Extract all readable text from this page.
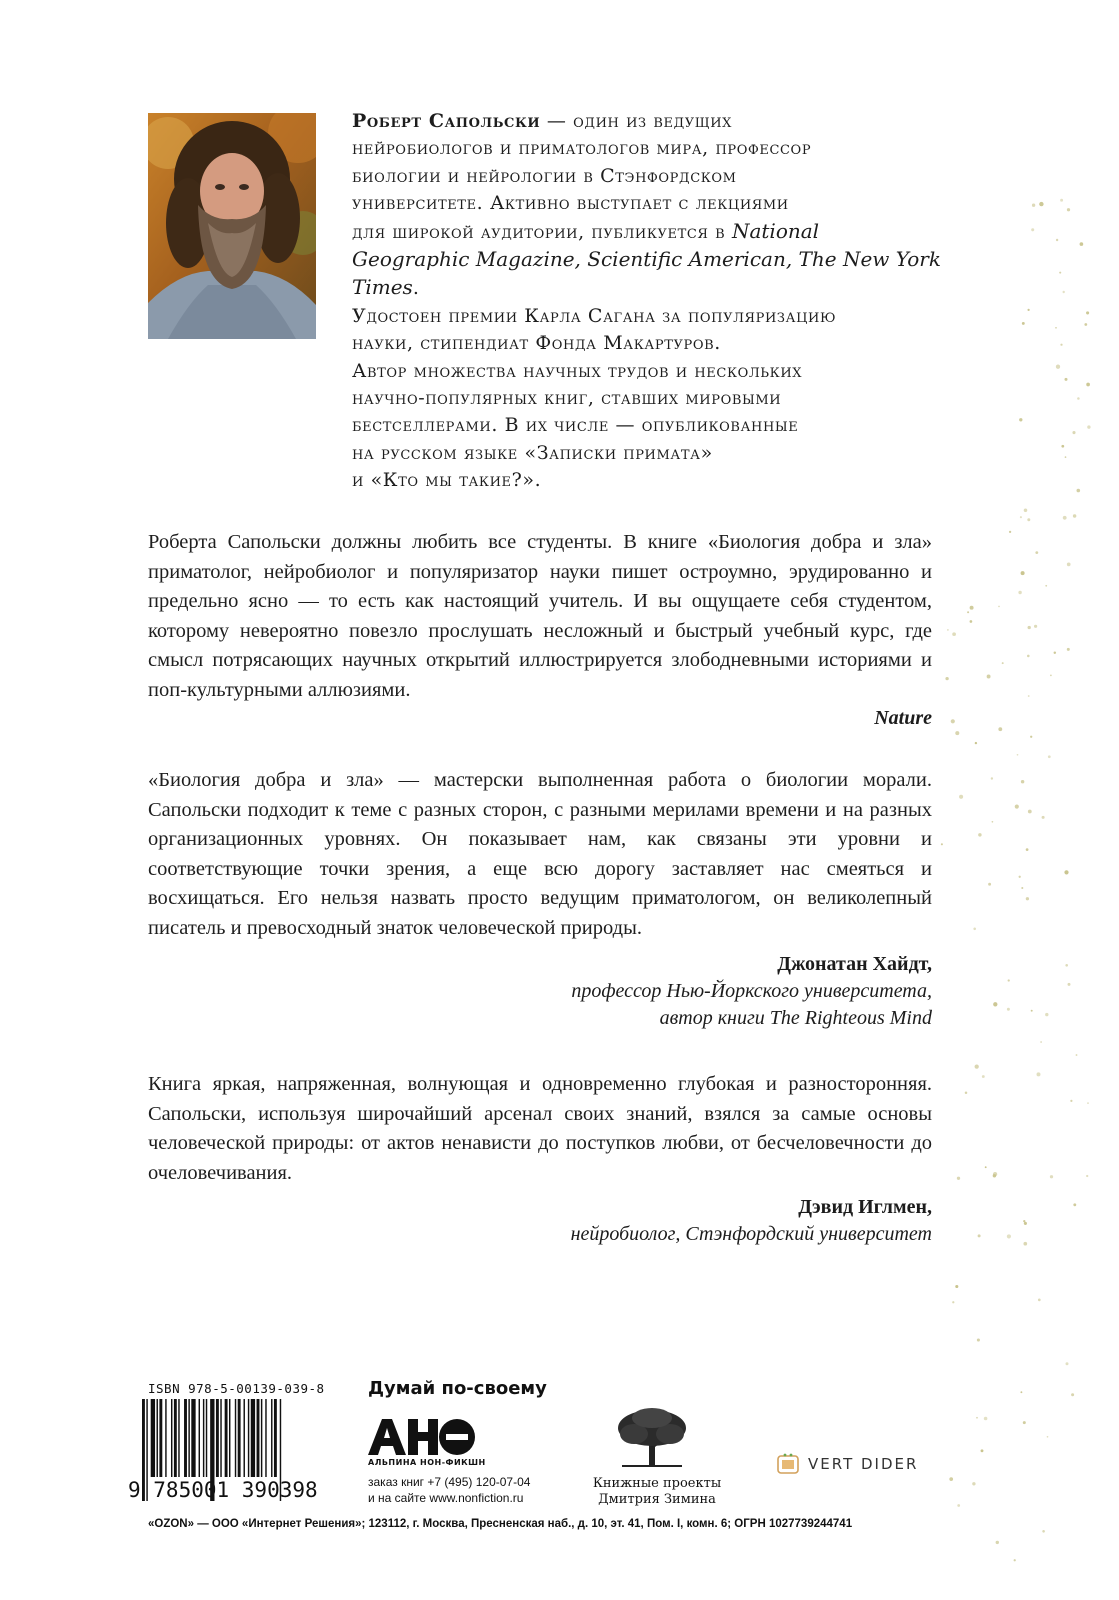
Роберт Сапольски — один из ведущих
нейробиологов и приматологов мира, профессор
биологии и нейрологии в Стэнфордском
университете. Активно выступает с лекциями
для широкой аудитории, публикуется в National
Geographic Magazine, Scientific American, The New York Times.
Удостоен премии Карла Сагана за популяризацию
науки, стипендиат Фонда Макартуров.
Автор множества научных трудов и нескольких
научно-популярных книг, ставших мировыми
бестселлерами. В их числе — опубликованные
на русском языке «Записки примата»
и «Кто мы такие?».

Роберта Сапольски должны любить все студенты. В книге «Биология добра и зла» приматолог, нейробиолог и популяризатор науки пишет остроумно, эрудированно и предельно ясно — то есть как настоящий учитель. И вы ощущаете себя студентом, которому невероятно повезло прослушать несложный и быстрый учебный курс, где смысл потрясающих научных открытий иллюстрируется злободневными историями и поп-культурными аллюзиями.

Nature

«Биология добра и зла» — мастерски выполненная работа о биологии морали. Сапольски подходит к теме с разных сторон, с разными мерилами времени и на разных организационных уровнях. Он показывает нам, как связаны эти уровни и соответствующие точки зрения, а еще всю дорогу заставляет нас смеяться и восхищаться. Его нельзя назвать просто ведущим приматологом, он великолепный писатель и превосходный знаток человеческой природы.

Джонатан Хайдт,
профессор Нью-Йоркского университета,
автор книги The Righteous Mind

Книга яркая, напряженная, волнующая и одновременно глубокая и разносторонняя. Сапольски, используя широчайший арсенал своих знаний, взялся за самые основы человеческой природы: от актов ненависти до поступков любви, от бесчеловечности до очеловечивания.

Дэвид Иглмен,
нейробиолог, Стэнфордский университет
ISBN 978-5-00139-039-8
9 785001 390398
Думай по-своему
АЛЬПИНА НОН-ФИКШН
заказ книг +7 (495) 120-07-04
и на сайте www.nonfiction.ru
Книжные проекты
Дмитрия Зимина
VERT DIDER
«OZON» — ООО «Интернет Решения»; 123112, г. Москва, Пресненская наб., д. 10, эт. 41, Пом. I, комн. 6; ОГРН 1027739244741
